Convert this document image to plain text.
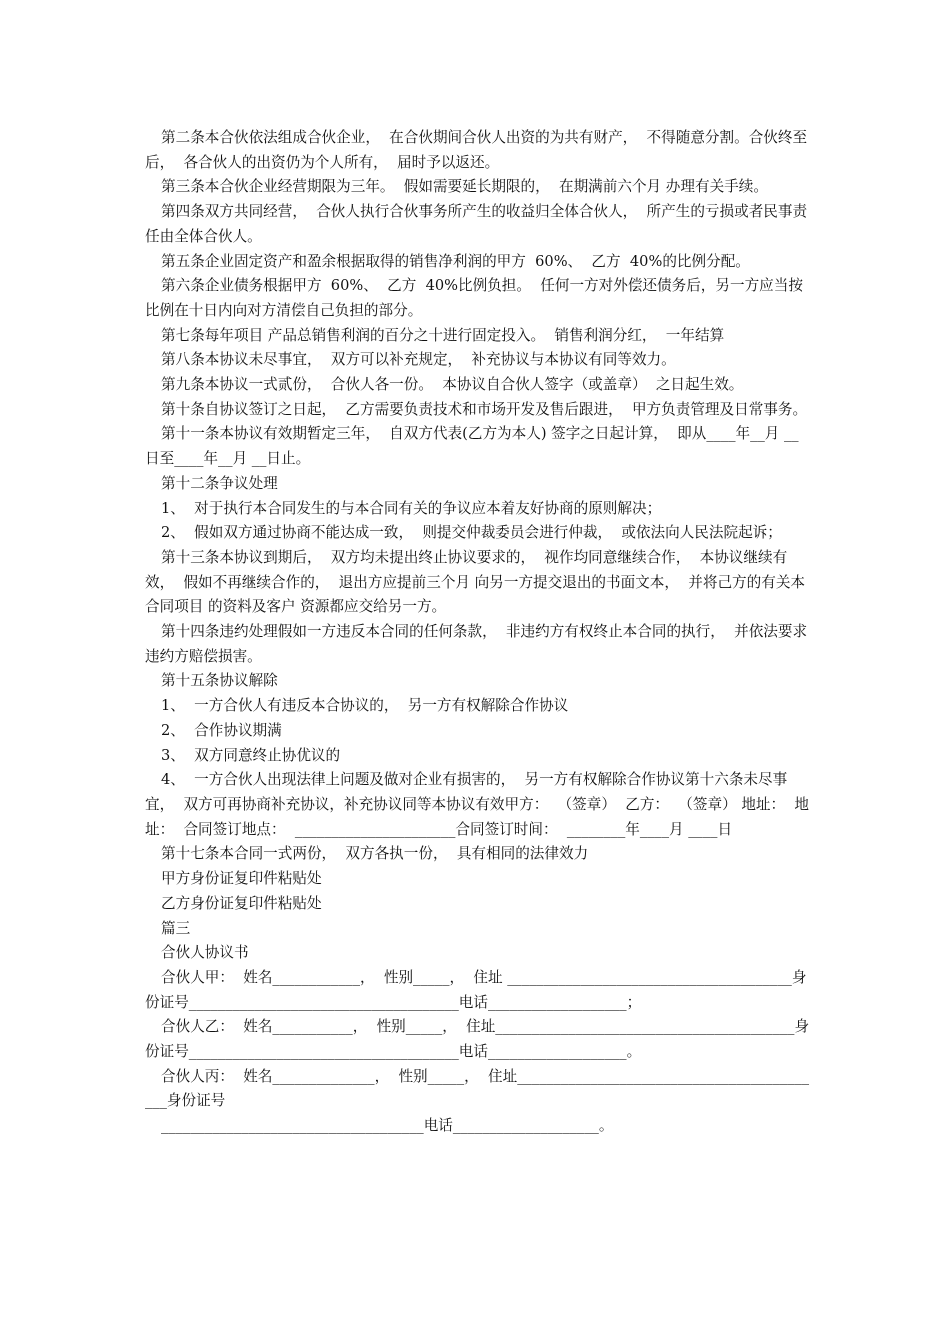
第二条本合伙依法组成合伙企业，  在合伙期间合伙人出资的为共有财产，  不得随意分割。合伙终至后，  各合伙人的出资仍为个人所有，  届时予以返还。

第三条本合伙企业经营期限为三年。  假如需要延长期限的，  在期满前六个月 办理有关手续。

第四条双方共同经营，  合伙人执行合伙事务所产生的收益归全体合伙人，  所产生的亏损或者民事责任由全体合伙人。

第五条企业固定资产和盈余根据取得的销售净利润的甲方  60%、  乙方  40%的比例分配。

第六条企业债务根据甲方  60%、  乙方  40%比例负担。  任何一方对外偿还债务后，另一方应当按比例在十日内向对方清偿自己负担的部分。

第七条每年项目 产品总销售利润的百分之十进行固定投入。  销售利润分红，  一年结算

第八条本协议未尽事宜，  双方可以补充规定，  补充协议与本协议有同等效力。

第九条本协议一式贰份，  合伙人各一份。  本协议自合伙人签字（或盖章）  之日起生效。

第十条自协议签订之日起，  乙方需要负责技术和市场开发及售后跟进，  甲方负责管理及日常事务。

第十一条本协议有效期暂定三年，  自双方代表(乙方为本人) 签字之日起计算，  即从____年__月 __日至____年__月 __日止。

第十二条争议处理

1、  对于执行本合同发生的与本合同有关的争议应本着友好协商的原则解决；

2、  假如双方通过协商不能达成一致，  则提交仲裁委员会进行仲裁，  或依法向人民法院起诉；

第十三条本协议到期后，  双方均未提出终止协议要求的，  视作均同意继续合作，  本协议继续有效，  假如不再继续合作的，  退出方应提前三个月 向另一方提交退出的书面文本，  并将己方的有关本合同项目 的资料及客户 资源都应交给另一方。

第十四条违约处理假如一方违反本合同的任何条款，  非违约方有权终止本合同的执行，  并依法要求违约方赔偿损害。

第十五条协议解除

1、  一方合伙人有违反本合协议的，  另一方有权解除合作协议

2、  合作协议期满

3、  双方同意终止协优议的

4、  一方合伙人出现法律上问题及做对企业有损害的，  另一方有权解除合作协议第十六条未尽事宜，  双方可再协商补充协议，补充协议同等本协议有效甲方：  （签章）  乙方：  （签章） 地址：  地址：  合同签订地点：  ______________________合同签订时间：  ________年____月 ____日

第十七条本合同一式两份，  双方各执一份，  具有相同的法律效力

甲方身份证复印件粘贴处

乙方身份证复印件粘贴处

篇三

合伙人协议书

合伙人甲：  姓名____________，  性别_____，  住址 _______________________________________身份证号_____________________________________电话___________________；

合伙人乙：  姓名___________，  性别_____，  住址_________________________________________身份证号_____________________________________电话___________________。

合伙人丙：  姓名______________，  性别_____，  住址___________________________________________身份证号

____________________________________电话____________________。
